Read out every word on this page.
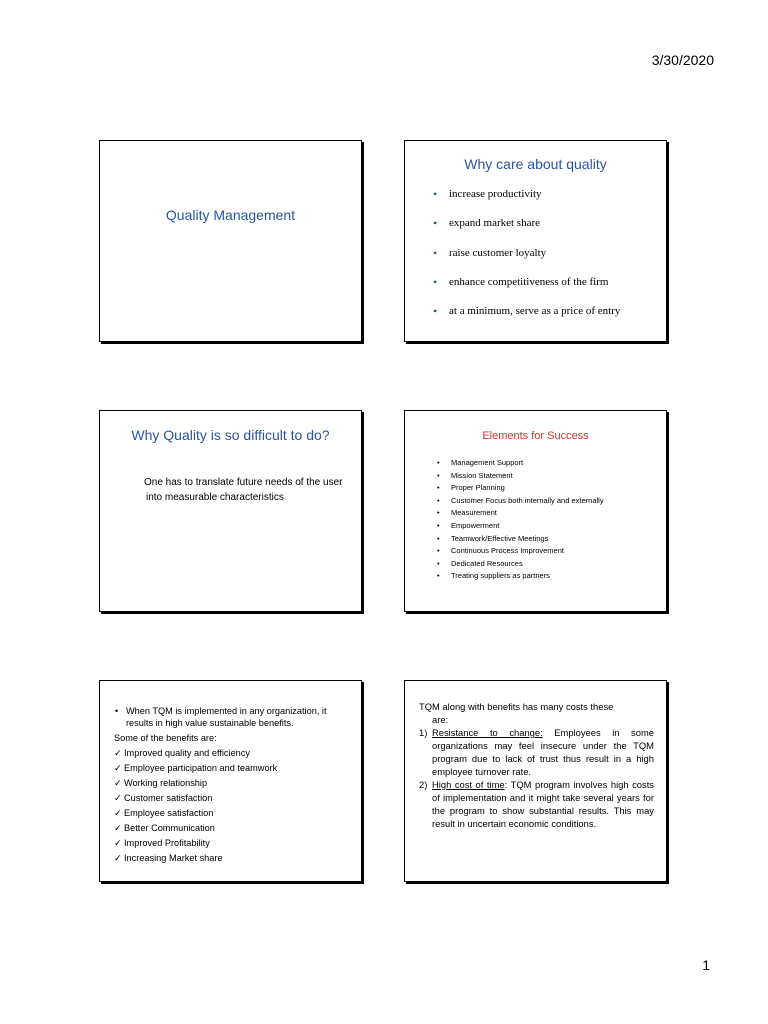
3/30/2020
Quality Management
Why care about quality
• increase productivity
• expand market share
• raise customer loyalty
• enhance competitiveness of the firm
• at a minimum, serve as a price of entry
Why Quality is so difficult to do?
One has to translate future needs of the user
into measurable characteristics
Elements for Success
• Management Support
• Mission Statement
• Proper Planning
• Customer Focus both internally and externally
• Measurement
• Empowerment
• Teamwork/Effective Meetings
• Continuous Process Improvement
• Dedicated Resources
• Treating suppliers as partners
• When TQM is implemented in any organization, it
results in high value sustainable benefits.
Some of the benefits are:
✓ Improved quality and efficiency
✓ Employee participation and teamwork
✓ Working relationship
✓ Customer satisfaction
✓ Employee satisfaction
✓ Better Communication
✓ Improved Profitability
✓ Increasing Market share
TQM along with benefits has many costs these
are:
1) Resistance to change: Employees in some organizations may feel insecure under the TQM program due to lack of trust thus result in a high employee turnover rate.
2) High cost of time: TQM program involves high costs of implementation and it might take several years for the program to show substantial results. This may result in uncertain economic conditions.
1
